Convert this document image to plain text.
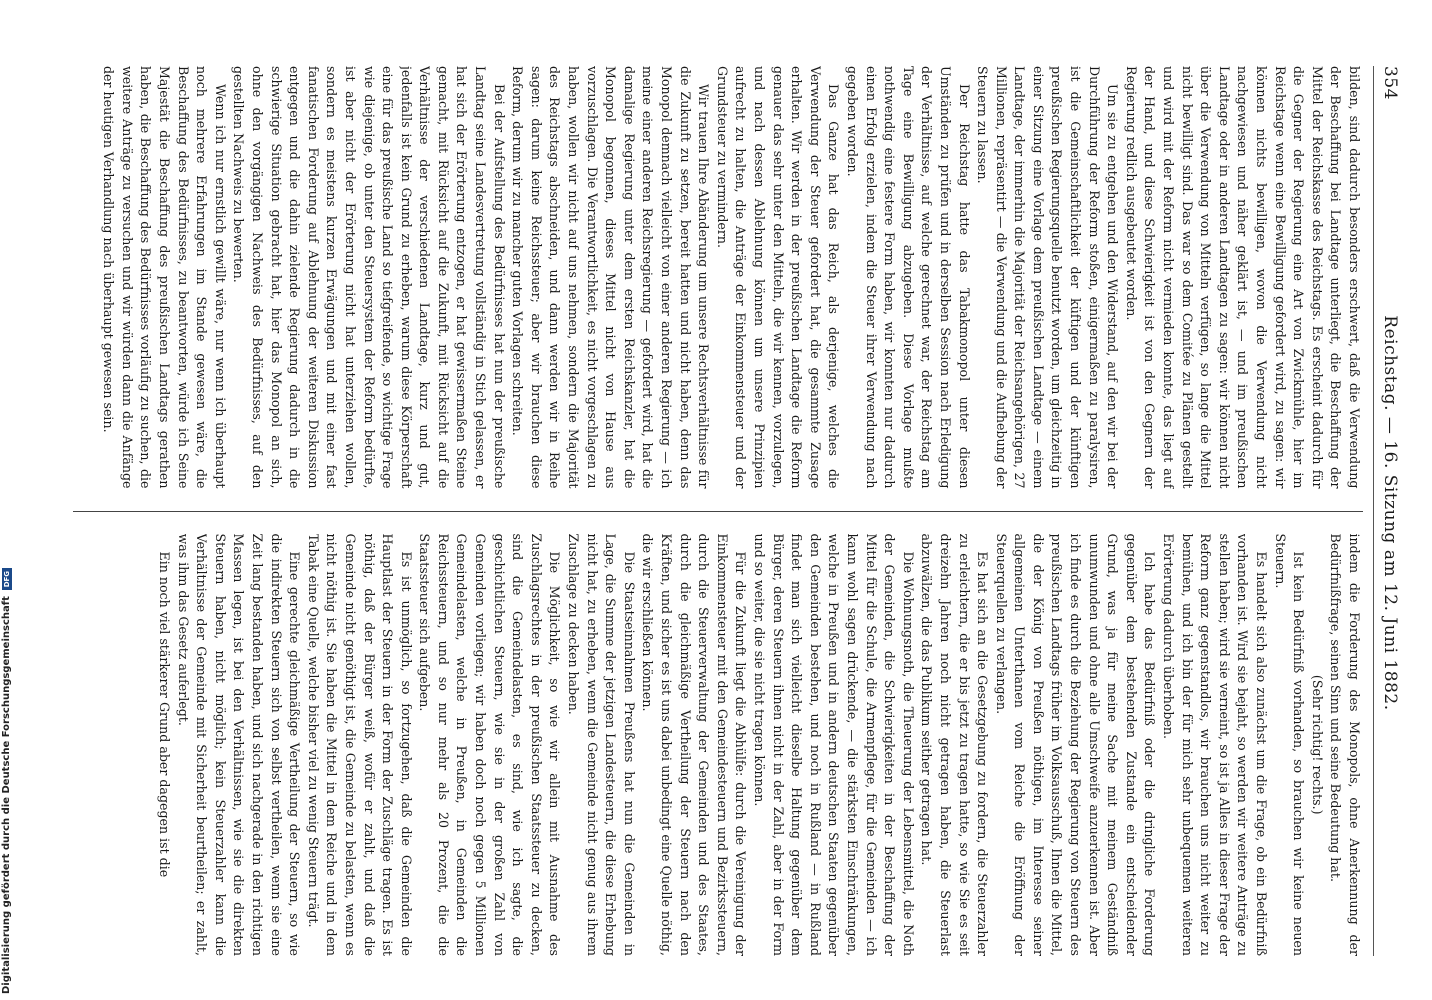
Digitalisierung gefördert durch die Deutsche Forschungsgemeinschaft
DFG
354
Reichstag. — 16. Sitzung am 12. Juni 1882.

bilden, sind dadurch besonders erschwert, daß die Verwendung der Beschaffung bei Landtage unterliegt, die Beschaffung der Mittel der Reichskasse des Reichstags. Es erscheint dadurch für die Gegner der Regierung eine Art von Zwickmühle, hier im Reichstage wenn eine Bewilligung gefordert wird, zu sagen: wir können nichts bewilligen, wovon die Verwendung nicht nachgewiesen und näher geklärt ist, — und im preußischen Landtage oder in anderen Landtagen zu sagen: wir können nicht über die Verwendung von Mitteln verfügen, so lange die Mittel nicht bewilligt sind. Das war so dem Comitée zu Plänen gestellt und wird mit der Reform nicht vermieden konnte, das liegt auf der Hand, und diese Schwierigkeit ist von den Gegnern der Regierung redlich ausgebeutet worden.

Um sie zu entgehen und den Widerstand, auf den wir bei der Durchführung der Reform stoßen, einigermaßen zu paralysiren, ist die Gemeinschaftlichkeit der küftigen und der künftigen preußischen Regierungsquelle benutzt worden, um gleichzeitig in einer Sitzung eine Vorlage dem preußischen Landtage — einem Landtage, der immerhin die Majorität der Reichsangehörigen, 27 Millionen, repräsentirt — die Verwendung und die Aufhebung der Steuern zu lassen.

Der Reichstag hatte das Tabakmonopol unter diesen Umständen zu prüfen und in derselben Session nach Erledigung der Verhältnisse, auf welche gerechnet war, der Reichstag am Tage eine Bewilligung abzugeben. Diese Vorlage mußte nothwendig eine festere Form haben, wir konnten nur dadurch einen Erfolg erzielen, indem die Steuer ihrer Verwendung nach gegeben worden.

Das Ganze hat das Reich, als derjenige, welches die Verwendung der Steuer gefordert hat, die gesammte Zusage erhalten. Wir werden in der preußischen Landtage die Reform genauer das sehr unter den Mitteln, die wir kennen, vorzulegen, und nach dessen Ablehnung können um unsere Prinzipien aufrecht zu halten, die Anträge der Einkommensteuer und der Grundsteuer zu vermindern.

Wir trauen Ihre Abänderung um unsere Rechtsverhältnisse für die Zukunft zu setzen, bereit hatten und nicht haben, denn das Monopol demnach vielleicht von einer anderen Regierung — ich meine einer anderen Reichsregierung — gefordert wird, hat die damalige Regierung unter dem ersten Reichskanzler, hat die Monopol begonnen, dieses Mittel nicht von Hause aus vorzuschlagen. Die Verantwortlichkeit, es nicht vorgeschlagen zu haben, wollen wir nicht auf uns nehmen, sondern die Majorität des Reichstags abschneiden, und dann werden wir in Reihe sagen: darum keine Reichssteuer; aber wir brauchen diese Reform, derum wir zu mancher guten Vorlagen schreiten.

Bei der Aufstellung des Bedürfnisses hat nun der preußische Landtag seine Landesvertretung vollständig in Stich gelassen, er hat sich der Erörterung entzogen, er hat gewissermaßen Steine gemacht, mit Rücksicht auf die Zukunft, mit Rücksicht auf die Verhältnisse der verschiedenen Landtage, kurz und gut, jedenfalls ist kein Grund zu erheben, warum diese Körperschaft eine für das preußische Land so tiefgreifende, so wichtige Frage wie diejenige, ob unter den Steuersystem der Reform bedürfte, ist aber nicht der Erörterung nicht hat unterziehen wollen, sondern es meistens kurzen Erwägungen und mit einer fast fanatischen Forderung auf Ablehnung der weiteren Diskussion entgegen und die dahin zielende Regierung dadurch in die schwierige Situation gebracht hat, hier das Monopol an sich, ohne den vorgängigen Nachweis des Bedürfnisses, auf den gestellten Nachweis zu bewerten.

Wenn ich nur ernstlich gewillt wäre, nur wenn ich überhaupt noch mehrere Erfahrungen im Stande gewesen wäre, die Beschaffung des Bedürfnisses, zu beantworten, würde ich Seine Majestät die Beschaffung des preußischen Landtags gerathen haben, die Beschaffung des Bedürfnisses vorläufig zu suchen, die weitere Anträge zu versuchen und wir würden dann die Anfänge der heutigen Verhandlung nach überhaupt gewesen sein.

indem die Forderung des Monopols, ohne Anerkennung der Bedürfnißfrage, seinen Sinn und seine Bedeutung hat.

(Sehr richtig! rechts.)

Ist kein Bedürfniß vorhanden, so brauchen wir keine neuen Steuern.

Es handelt sich also zunächst um die Frage, ob ein Bedürfniß vorhanden ist. Wird sie bejaht, so werden wir weitere Anträge zu stellen haben; wird sie verneint, so ist ja Alles in dieser Frage der Reform ganz gegenstandlos, wir brauchen uns nicht weiter zu bemühen, und ich bin der für mich sehr unbequemen weiteren Erörterung dadurch überhoben.

Ich habe das Bedürfniß oder die dringliche Forderung gegenüber dem bestehenden Zustande ein entscheidender Grund, was ja für meine Sache mit meinem Geständniß unumwunden und ohne alle Umschweife anzuerkennen ist. Aber ich finde es durch die Beziehung der Regierung von Steuern des preußischen Landtags früher im Volksausschuß, Ihnen die Mittel, die der König von Preußen nöthigen, im Interesse seiner allgemeinen Unterthanen vom Reiche die Eröffnung der Steuerquellen zu verlangen.

Es hat sich an die Gesetzgebung zu fordern, die Steuerzahler zu erleichtern, die er bis jetzt zu tragen hatte, so wie Sie es seit dreizehn Jahren noch nicht getragen haben, die Steuerlast abzuwälzen, die das Publikum seither getragen hat.

Die Wohnungsnoth, die Theuerung der Lebensmittel, die Noth der Gemeinden, die Schwierigkeiten in der Beschaffung der Mittel für die Schule, die Armenpflege, für die Gemeinden — ich kann wohl sagen drückende, — die stärksten Einschränkungen, welche in Preußen und in andern deutschen Staaten gegenüber den Gemeinden bestehen, und noch in Rußland — in Rußland findet man sich vielleicht dieselbe Haltung gegenüber dem Bürger, deren Steuern ihnen nicht in der Zahl, aber in der Form und so weiter, die sie nicht tragen können.

Für die Zukunft liegt die Abhülfe: durch die Vereinigung der Einkommensteuer mit den Gemeindesteuern und Bezirkssteuern, durch die Steuerverwaltung der Gemeinden und des Staates, durch die gleichmäßige Vertheilung der Steuern nach den Kräften, und sicher es ist uns dabei unbedingt eine Quelle nöthig, die wir erschließen können.

Die Staatseinnahmen Preußens hat nun die Gemeinden in Lage, die Summe der jetzigen Landesteuern, die diese Erhebung nicht hat, zu erheben, wenn die Gemeinde nicht genug aus ihrem Zuschlage zu decken haben.

Die Möglichkeit, so wie wir allein mit Ausnahme des Zuschlagsrechtes in der preußischen Staatssteuer zu decken, sind die Gemeindelasten, es sind, wie ich sagte, die geschichtlichen Steuern, wie sie in der großen Zahl von Gemeinden vorliegen; wir haben doch noch gegen 5 Millionen Gemeindelasten, welche in Preußen, in Gemeinden die Reichssteuern, und so nur mehr als 20 Prozent, die die Staatssteuer sich aufgeben.

Es ist unmöglich, so fortzugehen, daß die Gemeinden die Hauptlast der Steuern in der Form der Zuschläge tragen. Es ist nöthig, daß der Bürger weiß, wofür er zahlt, und daß die Gemeinde nicht genöthigt ist, die Gemeinde zu belasten, wenn es nicht nöthig ist. Sie haben die Mittel in dem Reiche und in dem Tabak eine Quelle, welche bisher viel zu wenig Steuern trägt.

Eine gerechte gleichmäßige Vertheilung der Steuern, so wie die indirekten Steuern sich von selbst vertheilen, wenn sie eine Zeit lang bestanden haben, und sich nachgerade in den richtigen Massen legen, ist bei den Verhältnissen, wie sie die direkten Steuern haben, nicht möglich; kein Steuerzahler kann die Verhältnisse der Gemeinde mit Sicherheit beurtheilen; er zahlt, was ihm das Gesetz auferlegt.

Ein noch viel stärkerer Grund aber dagegen ist die
